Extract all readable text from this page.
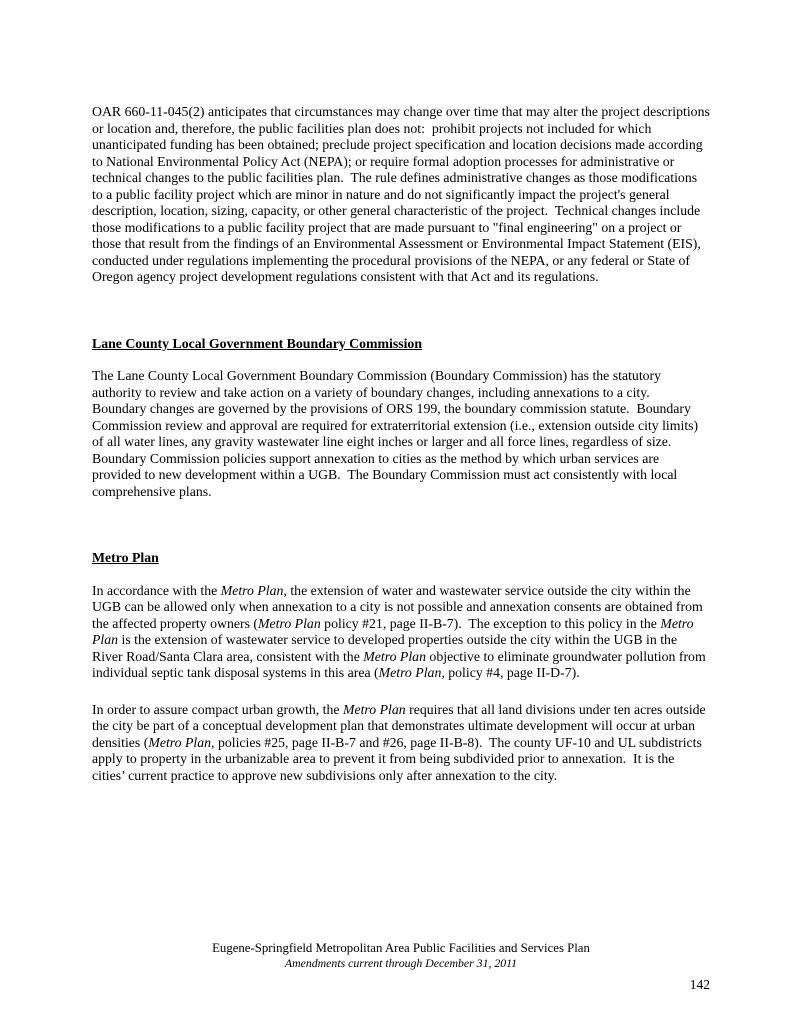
OAR 660-11-045(2) anticipates that circumstances may change over time that may alter the project descriptions or location and, therefore, the public facilities plan does not:  prohibit projects not included for which unanticipated funding has been obtained; preclude project specification and location decisions made according to National Environmental Policy Act (NEPA); or require formal adoption processes for administrative or technical changes to the public facilities plan.  The rule defines administrative changes as those modifications to a public facility project which are minor in nature and do not significantly impact the project's general description, location, sizing, capacity, or other general characteristic of the project.  Technical changes include those modifications to a public facility project that are made pursuant to "final engineering" on a project or those that result from the findings of an Environmental Assessment or Environmental Impact Statement (EIS), conducted under regulations implementing the procedural provisions of the NEPA, or any federal or State of Oregon agency project development regulations consistent with that Act and its regulations.

Lane County Local Government Boundary Commission

The Lane County Local Government Boundary Commission (Boundary Commission) has the statutory authority to review and take action on a variety of boundary changes, including annexations to a city.  Boundary changes are governed by the provisions of ORS 199, the boundary commission statute.  Boundary Commission review and approval are required for extraterritorial extension (i.e., extension outside city limits) of all water lines, any gravity wastewater line eight inches or larger and all force lines, regardless of size.  Boundary Commission policies support annexation to cities as the method by which urban services are provided to new development within a UGB.  The Boundary Commission must act consistently with local comprehensive plans.

Metro Plan

In accordance with the Metro Plan, the extension of water and wastewater service outside the city within the UGB can be allowed only when annexation to a city is not possible and annexation consents are obtained from the affected property owners (Metro Plan policy #21, page II-B-7).  The exception to this policy in the Metro Plan is the extension of wastewater service to developed properties outside the city within the UGB in the River Road/Santa Clara area, consistent with the Metro Plan objective to eliminate groundwater pollution from individual septic tank disposal systems in this area (Metro Plan, policy #4, page II-D-7).

In order to assure compact urban growth, the Metro Plan requires that all land divisions under ten acres outside the city be part of a conceptual development plan that demonstrates ultimate development will occur at urban densities (Metro Plan, policies #25, page II-B-7 and #26, page II-B-8).  The county UF-10 and UL subdistricts apply to property in the urbanizable area to prevent it from being subdivided prior to annexation.  It is the cities’ current practice to approve new subdivisions only after annexation to the city.

Eugene-Springfield Metropolitan Area Public Facilities and Services Plan
Amendments current through December 31, 2011
142
